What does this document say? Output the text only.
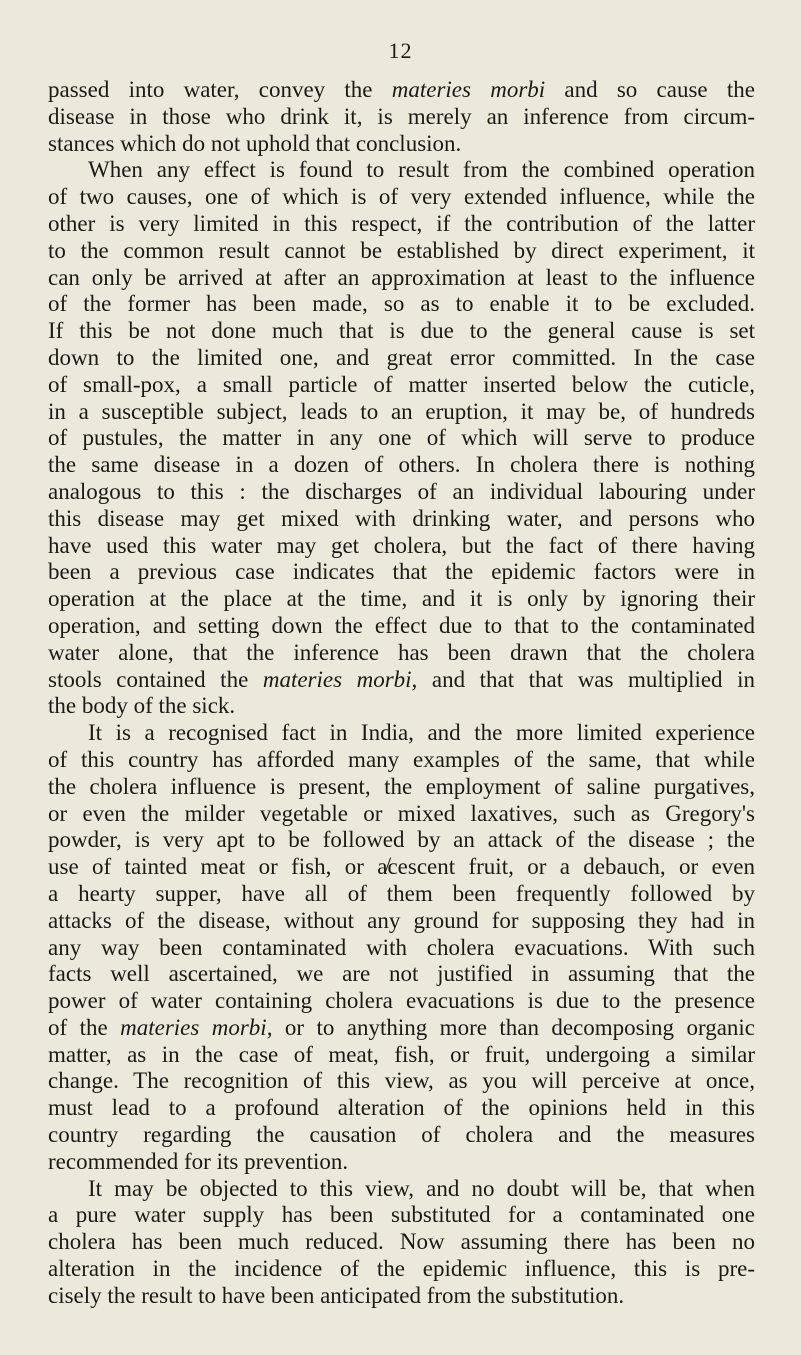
12

passed into water, convey the materies morbi and so cause the
disease in those who drink it, is merely an inference from circum-
stances which do not uphold that conclusion.

When any effect is found to result from the combined operation
of two causes, one of which is of very extended influence, while the
other is very limited in this respect, if the contribution of the latter
to the common result cannot be established by direct experiment, it
can only be arrived at after an approximation at least to the influence
of the former has been made, so as to enable it to be excluded.
If this be not done much that is due to the general cause is set
down to the limited one, and great error committed. In the case
of small-pox, a small particle of matter inserted below the cuticle,
in a susceptible subject, leads to an eruption, it may be, of hundreds
of pustules, the matter in any one of which will serve to produce
the same disease in a dozen of others. In cholera there is nothing
analogous to this : the discharges of an individual labouring under
this disease may get mixed with drinking water, and persons who
have used this water may get cholera, but the fact of there having
been a previous case indicates that the epidemic factors were in
operation at the place at the time, and it is only by ignoring their
operation, and setting down the effect due to that to the contaminated
water alone, that the inference has been drawn that the cholera
stools contained the materies morbi, and that that was multiplied in
the body of the sick.

It is a recognised fact in India, and the more limited experience
of this country has afforded many examples of the same, that while
the cholera influence is present, the employment of saline purgatives,
or even the milder vegetable or mixed laxatives, such as Gregory's
powder, is very apt to be followed by an attack of the disease ; the
use of tainted meat or fish, or a̸cescent fruit, or a debauch, or even
a hearty supper, have all of them been frequently followed by
attacks of the disease, without any ground for supposing they had in
any way been contaminated with cholera evacuations. With such
facts well ascertained, we are not justified in assuming that the
power of water containing cholera evacuations is due to the presence
of the materies morbi, or to anything more than decomposing organic
matter, as in the case of meat, fish, or fruit, undergoing a similar
change. The recognition of this view, as you will perceive at once,
must lead to a profound alteration of the opinions held in this
country regarding the causation of cholera and the measures
recommended for its prevention.

It may be objected to this view, and no doubt will be, that when
a pure water supply has been substituted for a contaminated one
cholera has been much reduced. Now assuming there has been no
alteration in the incidence of the epidemic influence, this is pre-
cisely the result to have been anticipated from the substitution.
